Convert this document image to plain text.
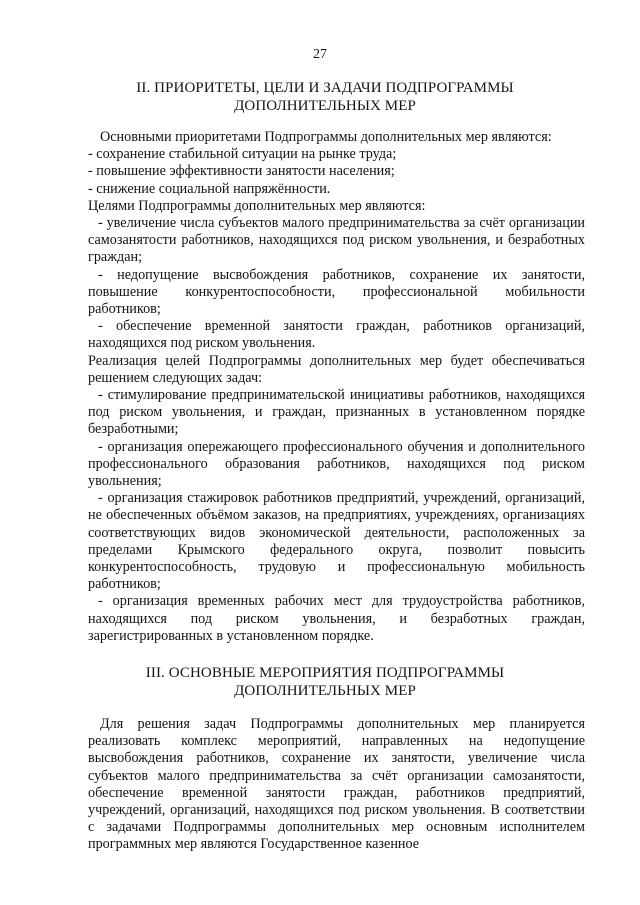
27
II. ПРИОРИТЕТЫ, ЦЕЛИ И ЗАДАЧИ ПОДПРОГРАММЫ
ДОПОЛНИТЕЛЬНЫХ МЕР

Основными приоритетами Подпрограммы дополнительных мер являются:

- сохранение стабильной ситуации на рынке труда;

- повышение эффективности занятости населения;

- снижение социальной напряжённости.

Целями Подпрограммы дополнительных мер являются:

- увеличение числа субъектов малого предпринимательства за счёт организации самозанятости работников, находящихся под риском увольнения, и безработных граждан;

- недопущение высвобождения работников, сохранение их занятости, повышение конкурентоспособности, профессиональной мобильности работников;

- обеспечение временной занятости граждан, работников организаций, находящихся под риском увольнения.

Реализация целей Подпрограммы дополнительных мер будет обеспечиваться решением следующих задач:

- стимулирование предпринимательской инициативы работников, находящихся под риском увольнения, и граждан, признанных в установленном порядке безработными;

- организация опережающего профессионального обучения и дополнительного профессионального образования работников, находящихся под риском увольнения;

- организация стажировок работников предприятий, учреждений, организаций, не обеспеченных объёмом заказов, на предприятиях, учреждениях, организациях соответствующих видов экономической деятельности, расположенных за пределами Крымского федерального округа, позволит повысить конкурентоспособность, трудовую и профессиональную мобильность работников;

- организация временных рабочих мест для трудоустройства работников, находящихся под риском увольнения, и безработных граждан, зарегистрированных в установленном порядке.

III. ОСНОВНЫЕ МЕРОПРИЯТИЯ ПОДПРОГРАММЫ
ДОПОЛНИТЕЛЬНЫХ МЕР

Для решения задач Подпрограммы дополнительных мер планируется реализовать комплекс мероприятий, направленных на недопущение высвобождения работников, сохранение их занятости, увеличение числа субъектов малого предпринимательства за счёт организации самозанятости, обеспечение временной занятости граждан, работников предприятий, учреждений, организаций, находящихся под риском увольнения. В соответствии с задачами Подпрограммы дополнительных мер основным исполнителем программных мер являются Государственное казенное
